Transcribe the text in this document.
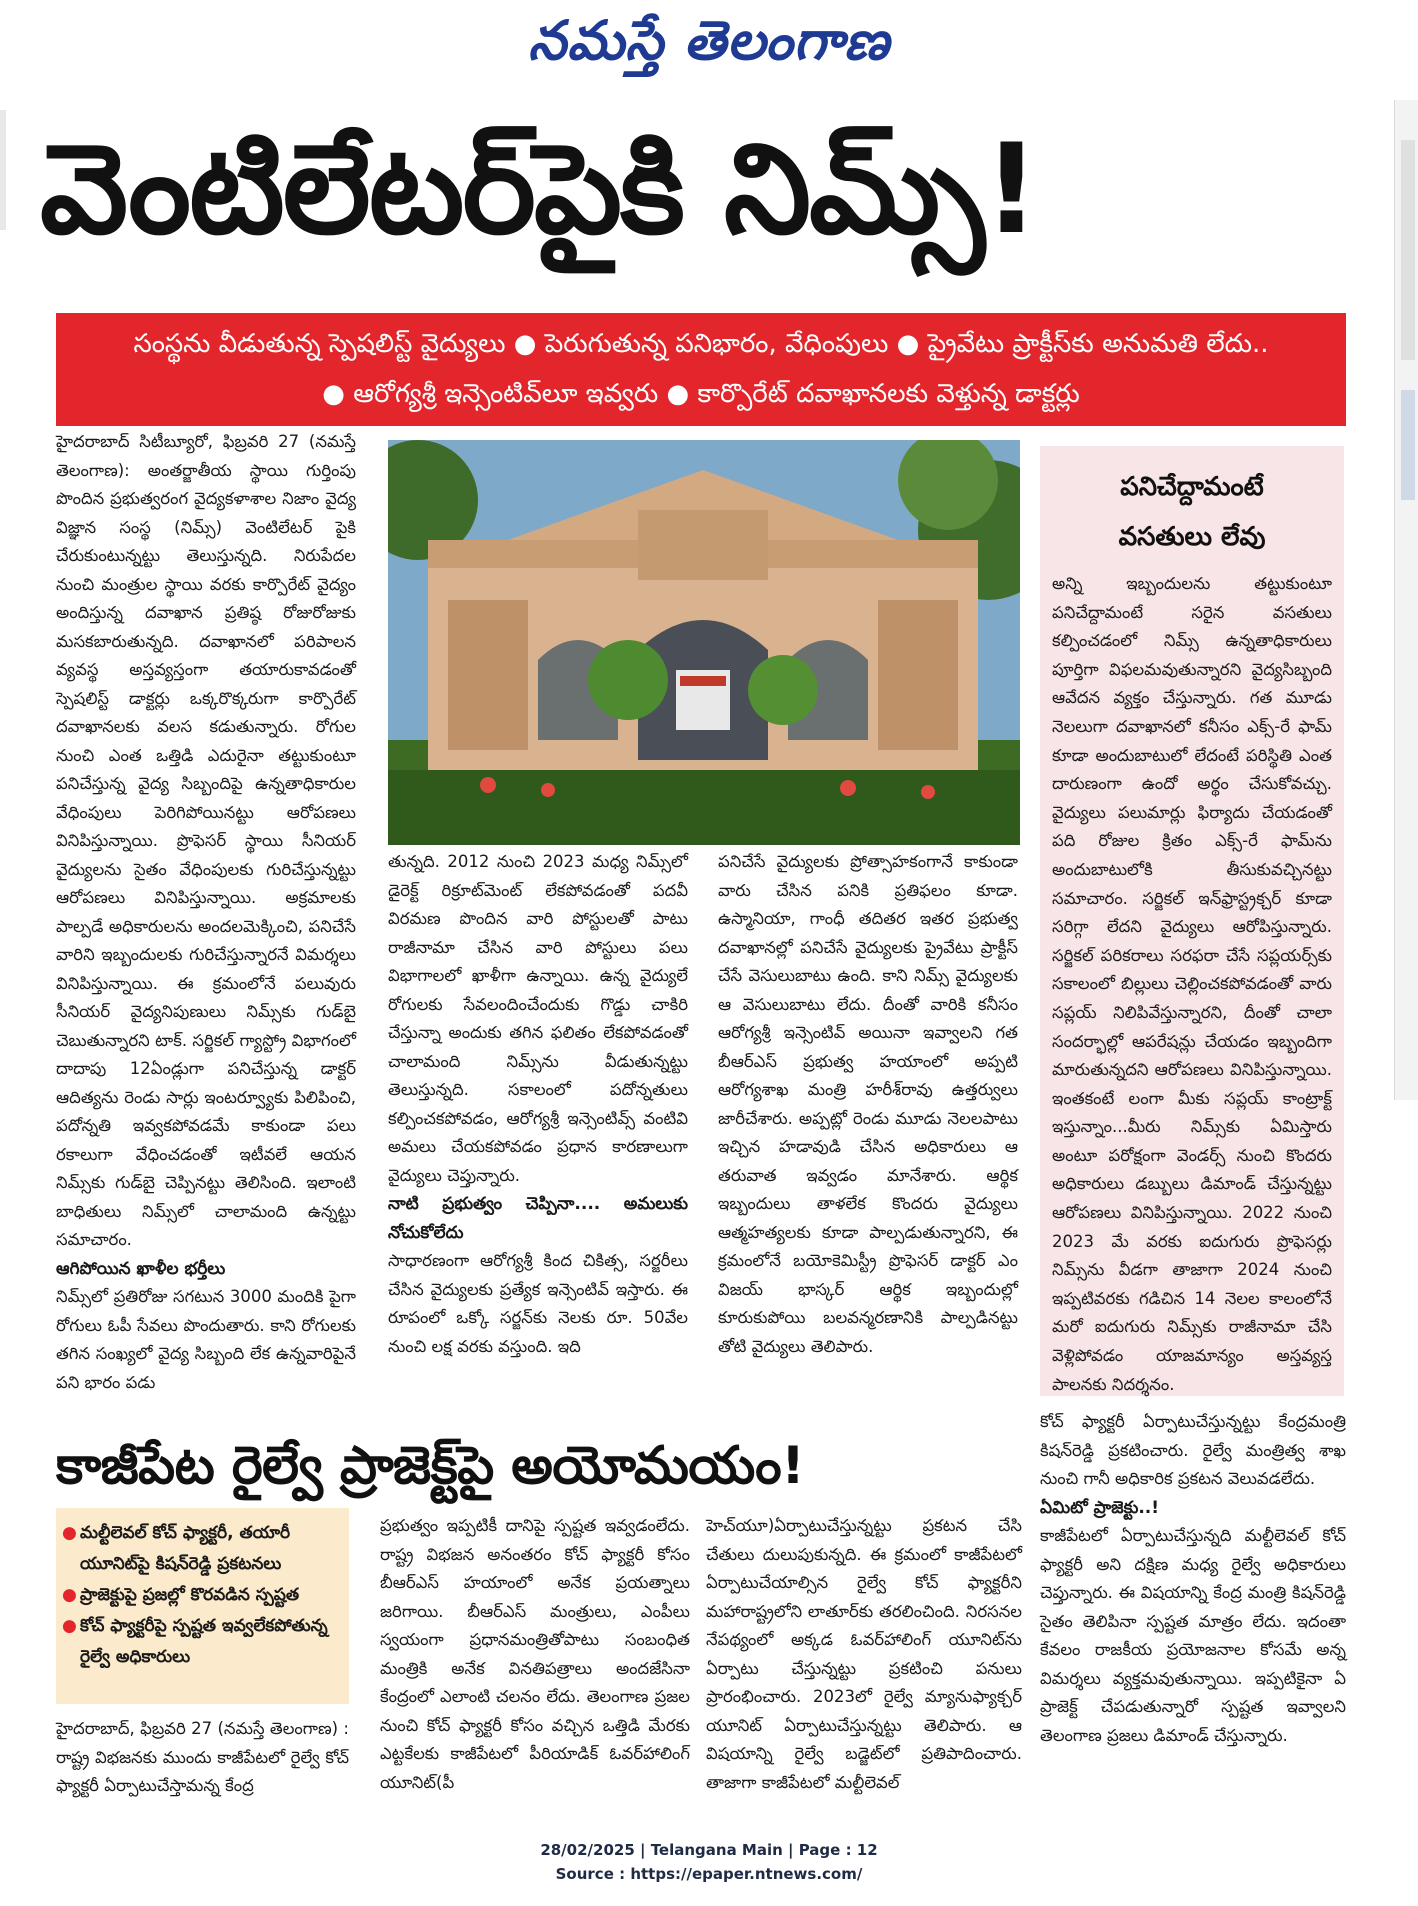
నమస్తే తెలంగాణ
వెంటిలేటర్‌పైకి నిమ్స్‌!
సంస్థను వీడుతున్న స్పెషలిస్ట్‌ వైద్యులు ● పెరుగుతున్న పనిభారం, వేధింపులు ● ప్రైవేటు ప్రాక్టీస్‌కు అనుమతి లేదు..
● ఆరోగ్యశ్రీ ఇన్సెంటివ్‌లూ ఇవ్వరు ● కార్పొరేట్‌ దవాఖానలకు వెళ్తున్న డాక్టర్లు

హైదరాబాద్‌ సిటీబ్యూరో, ఫిబ్రవరి 27 (నమస్తే తెలంగాణ): అంతర్జాతీయ స్థాయి గుర్తింపు పొందిన ప్రభుత్వరంగ వైద్యకళాశాల నిజాం వైద్య విజ్ఞాన సంస్థ (నిమ్స్‌) వెంటిలేటర్‌ పైకి చేరుకుంటున్నట్టు తెలుస్తున్నది. నిరుపేదల నుంచి మంత్రుల స్థాయి వరకు కార్పొరేట్‌ వైద్యం అందిస్తున్న దవాఖాన ప్రతిష్ఠ రోజురోజుకు మసకబారుతున్నది. దవాఖానలో పరిపాలన వ్యవస్థ అస్తవ్యస్తంగా తయారుకావడంతో స్పెషలిస్ట్‌ డాక్టర్లు ఒక్కరొక్కరుగా కార్పొరేట్‌ దవాఖానలకు వలస కడుతున్నారు. రోగుల నుంచి ఎంత ఒత్తిడి ఎదురైనా తట్టుకుంటూ పనిచేస్తున్న వైద్య సిబ్బందిపై ఉన్నతాధికారుల వేధింపులు పెరిగిపోయినట్టు ఆరోపణలు వినిపిస్తున్నాయి. ప్రొఫెసర్‌ స్థాయి సీనియర్‌ వైద్యులను సైతం వేధింపులకు గురిచేస్తున్నట్టు ఆరోపణలు వినిపిస్తున్నాయి. అక్రమాలకు పాల్పడే అధికారులను అందలమెక్కించి, పనిచేసే వారిని ఇబ్బందులకు గురిచేస్తున్నారనే విమర్శలు వినిపిస్తున్నాయి. ఈ క్రమంలోనే పలువురు సీనియర్‌ వైద్యనిపుణులు నిమ్స్‌కు గుడ్‌బై చెబుతున్నారని టాక్‌. సర్జికల్‌ గ్యాస్ట్రో విభాగంలో దాదాపు 12ఏండ్లుగా పనిచేస్తున్న డాక్టర్‌ ఆదిత్యను రెండు సార్లు ఇంటర్వ్యూకు పిలిపించి, పదోన్నతి ఇవ్వకపోవడమే కాకుండా పలు రకాలుగా వేధించడంతో ఇటీవలే ఆయన నిమ్స్‌కు గుడ్‌బై చెప్పినట్టు తెలిసింది. ఇలాంటి బాధితులు నిమ్స్‌లో చాలామంది ఉన్నట్టు సమాచారం.

ఆగిపోయిన ఖాళీల భర్తీలు

నిమ్స్‌లో ప్రతిరోజు సగటున 3000 మందికి పైగా రోగులు ఓపీ సేవలు పొందుతారు. కాని రోగులకు తగిన సంఖ్యలో వైద్య సిబ్బంది లేక ఉన్నవారిపైనే పని భారం పడు

తున్నది. 2012 నుంచి 2023 మధ్య నిమ్స్‌లో డైరెక్ట్‌ రిక్రూట్‌మెంట్‌ లేకపోవడంతో పదవీ విరమణ పొందిన వారి పోస్టులతో పాటు రాజీనామా చేసిన వారి పోస్టులు పలు విభాగాలలో ఖాళీగా ఉన్నాయి. ఉన్న వైద్యులే రోగులకు సేవలందించేందుకు గొడ్డు చాకిరి చేస్తున్నా అందుకు తగిన ఫలితం లేకపోవడంతో చాలామంది నిమ్స్‌ను వీడుతున్నట్టు తెలుస్తున్నది. సకాలంలో పదోన్నతులు కల్పించకపోవడం, ఆరోగ్యశ్రీ ఇన్సెంటివ్స్‌ వంటివి అమలు చేయకపోవడం ప్రధాన కారణాలుగా వైద్యులు చెప్తున్నారు.

నాటి ప్రభుత్వం చెప్పినా.... అమలుకు నోచుకోలేదు

సాధారణంగా ఆరోగ్యశ్రీ కింద చికిత్స, సర్జరీలు చేసిన వైద్యులకు ప్రత్యేక ఇన్సెంటివ్‌ ఇస్తారు. ఈ రూపంలో ఒక్కో సర్జన్‌కు నెలకు రూ. 50వేల నుంచి లక్ష వరకు వస్తుంది. ఇది

పనిచేసే వైద్యులకు ప్రోత్సాహకంగానే కాకుండా వారు చేసిన పనికి ప్రతిఫలం కూడా. ఉస్మానియా, గాంధీ తదితర ఇతర ప్రభుత్వ దవాఖానల్లో పనిచేసే వైద్యులకు ప్రైవేటు ప్రాక్టీస్‌ చేసే వెసులుబాటు ఉంది. కాని నిమ్స్‌ వైద్యులకు ఆ వెసులుబాటు లేదు. దీంతో వారికి కనీసం ఆరోగ్యశ్రీ ఇన్సెంటివ్‌ అయినా ఇవ్వాలని గత బీఆర్‌ఎస్‌ ప్రభుత్వ హయాంలో అప్పటి ఆరోగ్యశాఖ మంత్రి హరీశ్‌రావు ఉత్తర్వులు జారీచేశారు. అప్పట్లో రెండు మూడు నెలలపాటు ఇచ్చిన హడావుడి చేసిన అధికారులు ఆ తరువాత ఇవ్వడం మానేశారు. ఆర్థిక ఇబ్బందులు తాళలేక కొందరు వైద్యులు ఆత్మహత్యలకు కూడా పాల్పడుతున్నారని, ఈ క్రమంలోనే బయోకెమిస్ట్రీ ప్రొఫెసర్‌ డాక్టర్‌ ఎం విజయ్‌ భాస్కర్‌ ఆర్థిక ఇబ్బందుల్లో కూరుకుపోయి బలవన్మరణానికి పాల్పడినట్టు తోటి వైద్యులు తెలిపారు.

పనిచేద్దామంటే
వసతులు లేవు
అన్ని ఇబ్బందులను తట్టుకుంటూ పనిచేద్దామంటే సరైన వసతులు కల్పించడంలో నిమ్స్‌ ఉన్నతాధికారులు పూర్తిగా విఫలమవుతున్నారని వైద్యసిబ్బంది ఆవేదన వ్యక్తం చేస్తున్నారు. గత మూడు నెలలుగా దవాఖానలో కనీసం ఎక్స్‌-రే ఫామ్‌ కూడా అందుబాటులో లేదంటే పరిస్థితి ఎంత దారుణంగా ఉందో అర్థం చేసుకోవచ్చు. వైద్యులు పలుమార్లు ఫిర్యాదు చేయడంతో పది రోజుల క్రితం ఎక్స్‌-రే ఫామ్‌ను అందుబాటులోకి తీసుకువచ్చినట్టు సమాచారం. సర్జికల్‌ ఇన్‌ఫ్రాస్ట్రక్చర్‌ కూడా సరిగ్గా లేదని వైద్యులు ఆరోపిస్తున్నారు. సర్జికల్‌ పరికరాలు సరఫరా చేసే సప్లయర్స్‌కు సకాలంలో బిల్లులు చెల్లించకపోవడంతో వారు సప్లయ్‌ నిలిపివేస్తున్నారని, దీంతో చాలా సందర్భాల్లో ఆపరేషన్లు చేయడం ఇబ్బందిగా మారుతున్నదని ఆరోపణలు వినిపిస్తున్నాయి. ఇంతకంటే లంగా మీకు సప్లయ్‌ కాంట్రాక్ట్‌ ఇస్తున్నాం...మీరు నిమ్స్‌కు ఏమిస్తారు అంటూ పరోక్షంగా వెండర్స్‌ నుంచి కొందరు అధికారులు డబ్బులు డిమాండ్‌ చేస్తున్నట్టు ఆరోపణలు వినిపిస్తున్నాయి. 2022 నుంచి 2023 మే వరకు ఐదుగురు ప్రొఫెసర్లు నిమ్స్‌ను వీడగా తాజాగా 2024 నుంచి ఇప్పటివరకు గడిచిన 14 నెలల కాలంలోనే మరో ఐదుగురు నిమ్స్‌కు రాజీనామా చేసి వెళ్లిపోవడం యాజమాన్యం అస్తవ్యస్త పాలనకు నిదర్శనం.
కాజీపేట రైల్వే ప్రాజెక్ట్‌పై అయోమయం!
● మల్టీలెవల్‌ కోచ్‌ ఫ్యాక్టరీ, తయారీ యూనిట్‌పై కిషన్‌రెడ్డి ప్రకటనలు
● ప్రాజెక్టుపై ప్రజల్లో కొరవడిన స్పష్టత
● కోచ్‌ ఫ్యాక్టరీపై స్పష్టత ఇవ్వలేకపోతున్న రైల్వే అధికారులు

హైదరాబాద్‌, ఫిబ్రవరి 27 (నమస్తే తెలంగాణ) : రాష్ట్ర విభజనకు ముందు కాజీపేటలో రైల్వే కోచ్‌ ఫ్యాక్టరీ ఏర్పాటుచేస్తామన్న కేంద్ర

ప్రభుత్వం ఇప్పటికీ దానిపై స్పష్టత ఇవ్వడంలేదు. రాష్ట్ర విభజన అనంతరం కోచ్‌ ఫ్యాక్టరీ కోసం బీఆర్‌ఎస్‌ హయాంలో అనేక ప్రయత్నాలు జరిగాయి. బీఆర్‌ఎస్‌ మంత్రులు, ఎంపీలు స్వయంగా ప్రధానమంత్రితోపాటు సంబంధిత మంత్రికి అనేక వినతిపత్రాలు అందజేసినా కేంద్రంలో ఎలాంటి చలనం లేదు. తెలంగాణ ప్రజల నుంచి కోచ్‌ ఫ్యాక్టరీ కోసం వచ్చిన ఒత్తిడి మేరకు ఎట్టకేలకు కాజీపేటలో పీరియాడిక్‌ ఓవర్‌హాలింగ్‌ యూనిట్‌(పీ

హెచ్‌యూ)ఏర్పాటుచేస్తున్నట్టు ప్రకటన చేసి చేతులు దులుపుకున్నది. ఈ క్రమంలో కాజీపేటలో ఏర్పాటుచేయాల్సిన రైల్వే కోచ్‌ ఫ్యాక్టరీని మహారాష్ట్రలోని లాతూర్‌కు తరలించింది. నిరసనల నేపథ్యంలో అక్కడ ఓవర్‌హాలింగ్‌ యూనిట్‌ను ఏర్పాటు చేస్తున్నట్టు ప్రకటించి పనులు ప్రారంభించారు. 2023లో రైల్వే మ్యానుఫ్యాక్చర్‌ యూనిట్‌ ఏర్పాటుచేస్తున్నట్టు తెలిపారు. ఆ విషయాన్ని రైల్వే బడ్జెట్‌లో ప్రతిపాదించారు. తాజాగా కాజీపేటలో మల్టీలెవల్‌

కోచ్‌ ఫ్యాక్టరీ ఏర్పాటుచేస్తున్నట్టు కేంద్రమంత్రి కిషన్‌రెడ్డి ప్రకటించారు. రైల్వే మంత్రిత్వ శాఖ నుంచి గానీ అధికారిక ప్రకటన వెలువడలేదు.

ఏమిటో ప్రాజెక్టు..!

కాజీపేటలో ఏర్పాటుచేస్తున్నది మల్టీలెవల్‌ కోచ్‌ ఫ్యాక్టరీ అని దక్షిణ మధ్య రైల్వే అధికారులు చెప్తున్నారు. ఈ విషయాన్ని కేంద్ర మంత్రి కిషన్‌రెడ్డి సైతం తెలిపినా స్పష్టత మాత్రం లేదు. ఇదంతా కేవలం రాజకీయ ప్రయోజనాల కోసమే అన్న విమర్శలు వ్యక్తమవుతున్నాయి. ఇప్పటికైనా ఏ ప్రాజెక్ట్‌ చేపడుతున్నారో స్పష్టత ఇవ్వాలని తెలంగాణ ప్రజలు డిమాండ్‌ చేస్తున్నారు.

28/02/2025 | Telangana Main | Page : 12
Source : https://epaper.ntnews.com/
